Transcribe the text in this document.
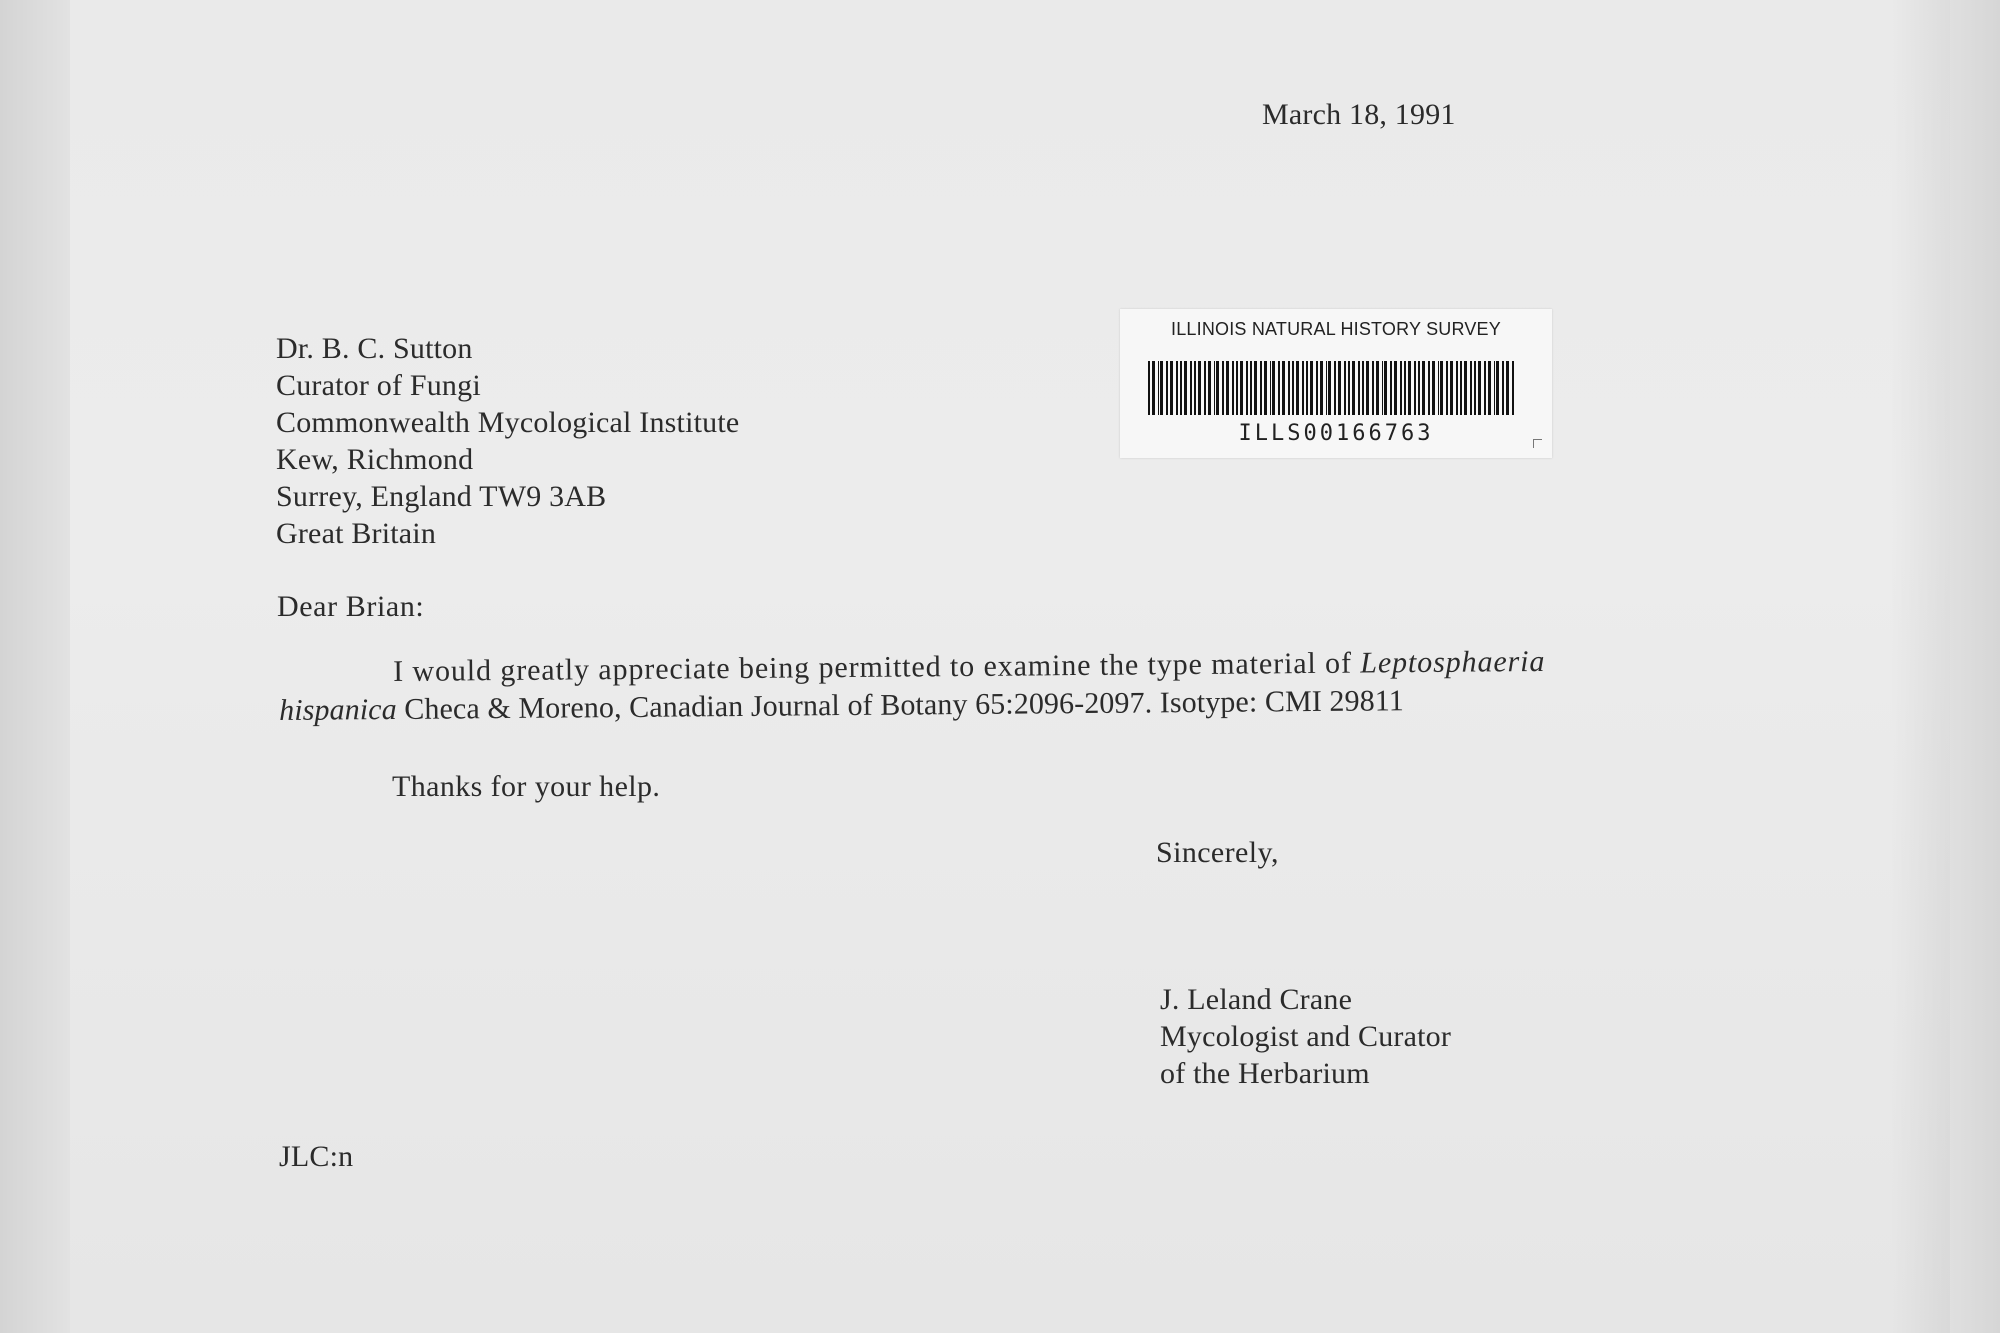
March 18, 1991
Dr. B. C. Sutton
Curator of Fungi
Commonwealth Mycological Institute
Kew, Richmond
Surrey, England TW9 3AB
Great Britain
Dear Brian:
I would greatly appreciate being permitted to examine the type material of Leptosphaeria
hispanica Checa & Moreno, Canadian Journal of Botany 65:2096-2097. Isotype: CMI 29811
Thanks for your help.
Sincerely,
J. Leland Crane
Mycologist and Curator
of the Herbarium
JLC:n
ILLINOIS NATURAL HISTORY SURVEY
ILLS00166763
